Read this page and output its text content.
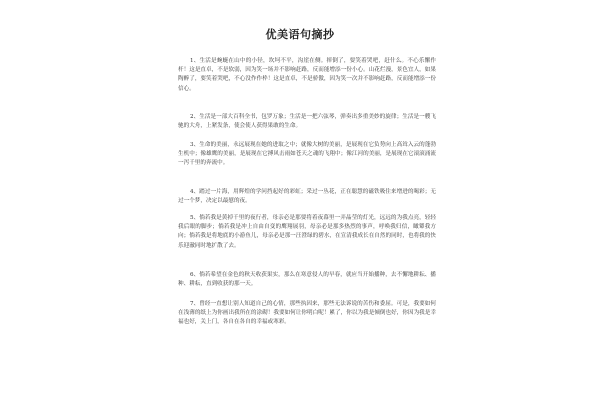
优美语句摘抄

1、生活是蜿蜒在山中的小径，坎坷不平，沟崖在侧。摔倒了，要笑着哭吧，赶什么。不心乐懈作杆！这是直卓，不是软弱，因为笑一场并不影响赶路，反而能增添一份小心。山花烂漫，景色宜人，如果陶醉了，要笑着哭吧，不心没作作枠！这是直卓，不是骄傲，因为笑一次并不影响赶路，反而能增添一份信心。

2、生活是一部大百科全书，包罗万象；生活是一把六弦琴，弹奏出多重美妙的旋律；生活是一艘飞驰的大舟，上紧发条，使会使人获得果敢的生命。

3、生命的美丽，永远展现在她的进取之中；就像大树的美丽，是展现在它负势向上高耸入云的蓬勃生机中；像雄鹰的美丽，是展现在它搏风击雨如苍天之魂的飞翔中；像江河的美丽，是展现在它滚滚涌流一泻千里的奔流中。

4、踏过一片海，用辉煌的学问挡起好的彩虹；采过一丛花，正在聪慧的磁铁吸住来增进的喝彩；无过一个梦，决定以最慰的夜。

5、倘若我是黄掉千里的夜行者，母亲必是那要将着夜幕里一弄晶莹的灯光，远远的为我点亮，轻轻我后眼的脚步；倘若我是冲上自由自变的鹰翔展羽，母亲必是那多热烈的事声，呼唤我归信，瞰颦我方向；倘若我是将地底的小游鱼儿，母亲必是那一汪澄绿的碧水，在宣清我成长在自然的同时，也将我的快乐迎澈同时地扩散了去。

6、倘若希望在金色的秋天收获果实，那么在寒意侵人的早春，就应当开始播种，去不懈地耕耘、播种、耕耘，直到收获的那一天。

7、曾经一直想让别人知道自己的心情，那些执因来，那些无法诉说的苦伤和委屈。可是，我要如何在浅薄的纸上为你画出我所在的涂砌！我要如何让你明白呢！累了，你以为我是倾倒也好，你因为我是幸福也好，关上门，各自在各自的幸福或寒彩。
